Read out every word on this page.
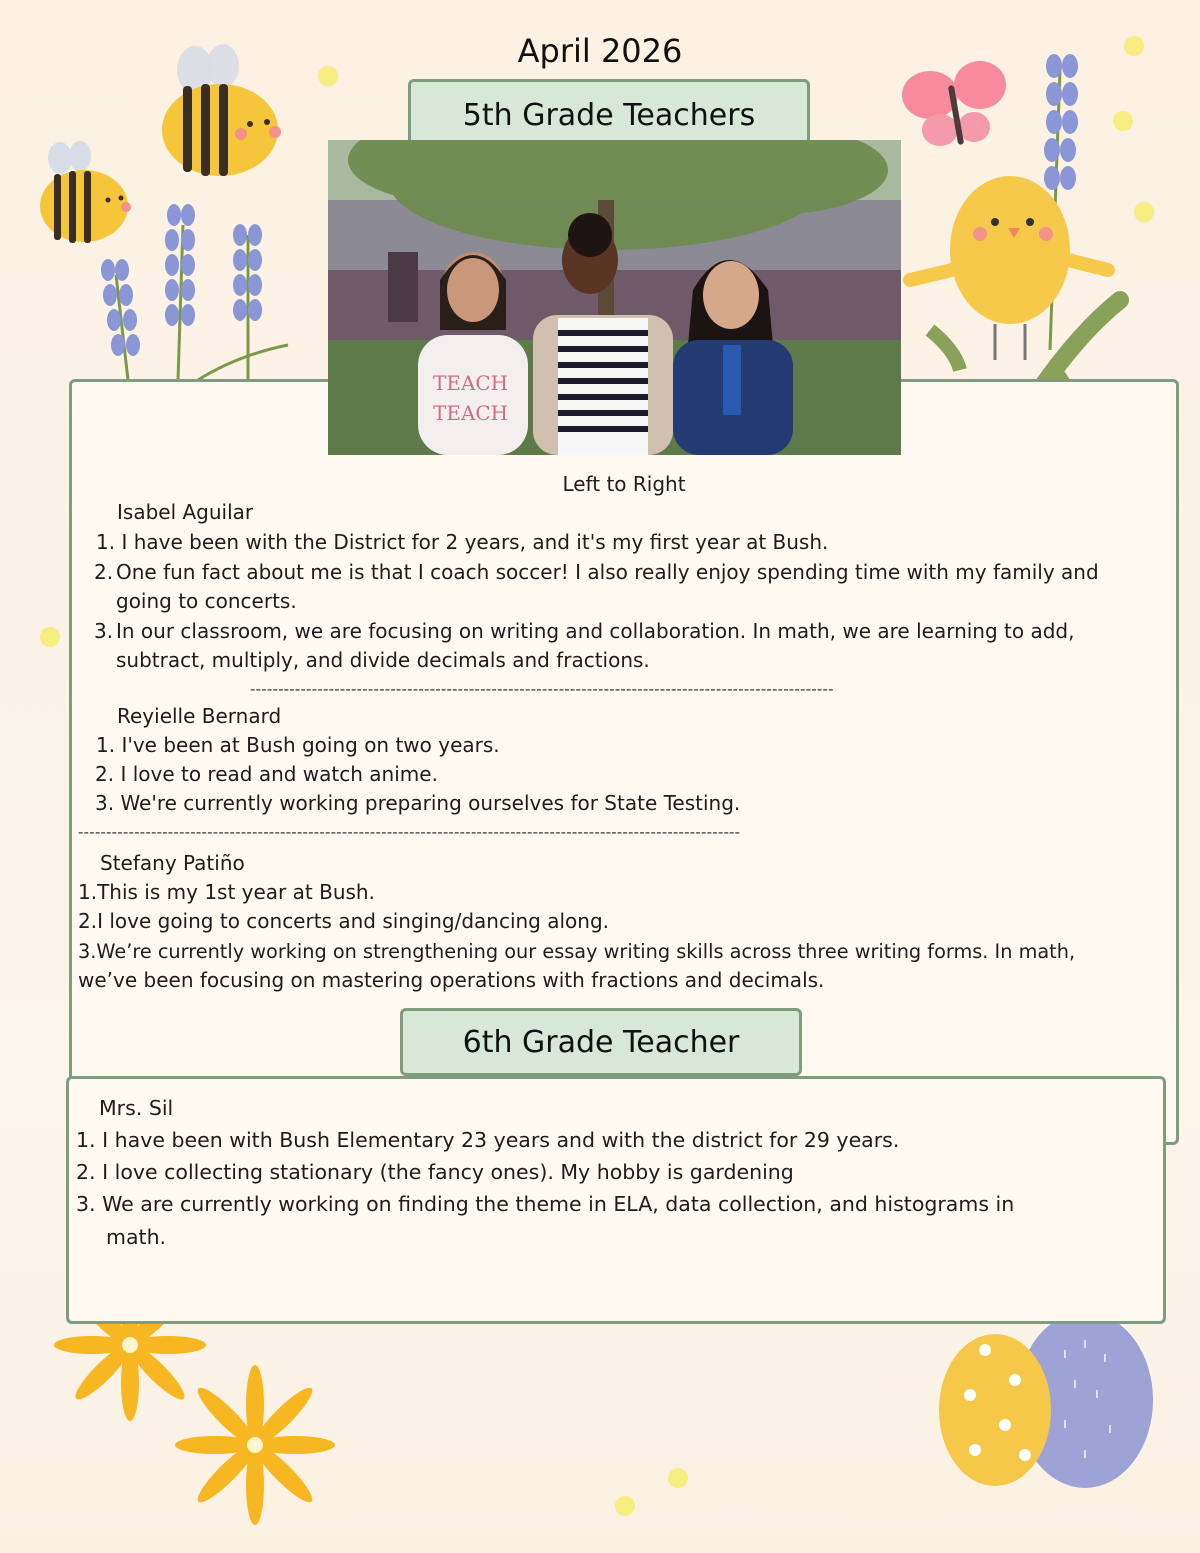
April 2026
5th Grade Teachers
TEACH
TEACH
Left to Right
Isabel Aguilar
1. I have been with the District for 2 years, and it's my first year at Bush.
2. One fun fact about me is that I coach soccer! I also really enjoy spending time with my family and
going to concerts.
3. In our classroom, we are focusing on writing and collaboration. In math, we are learning to add,
subtract, multiply, and divide decimals and fractions.
--------------------------------------------------------------------------------------------------------
Reyielle Bernard
1. I've been at Bush going on two years.
2. I love to read and watch anime.
3. We're currently working preparing ourselves for State Testing.
----------------------------------------------------------------------------------------------------------------------
Stefany Patiño
1.This is my 1st year at Bush.
2.I love going to concerts and singing/dancing along.
3.We’re currently working on strengthening our essay writing skills across three writing forms. In math,
we’ve been focusing on mastering operations with fractions and decimals.
6th Grade Teacher
Mrs. Sil
1. I have been with Bush Elementary 23 years and with the district for 29 years.
2. I love collecting stationary (the fancy ones). My hobby is gardening
3. We are currently working on finding the theme in ELA, data collection, and histograms in
math.
